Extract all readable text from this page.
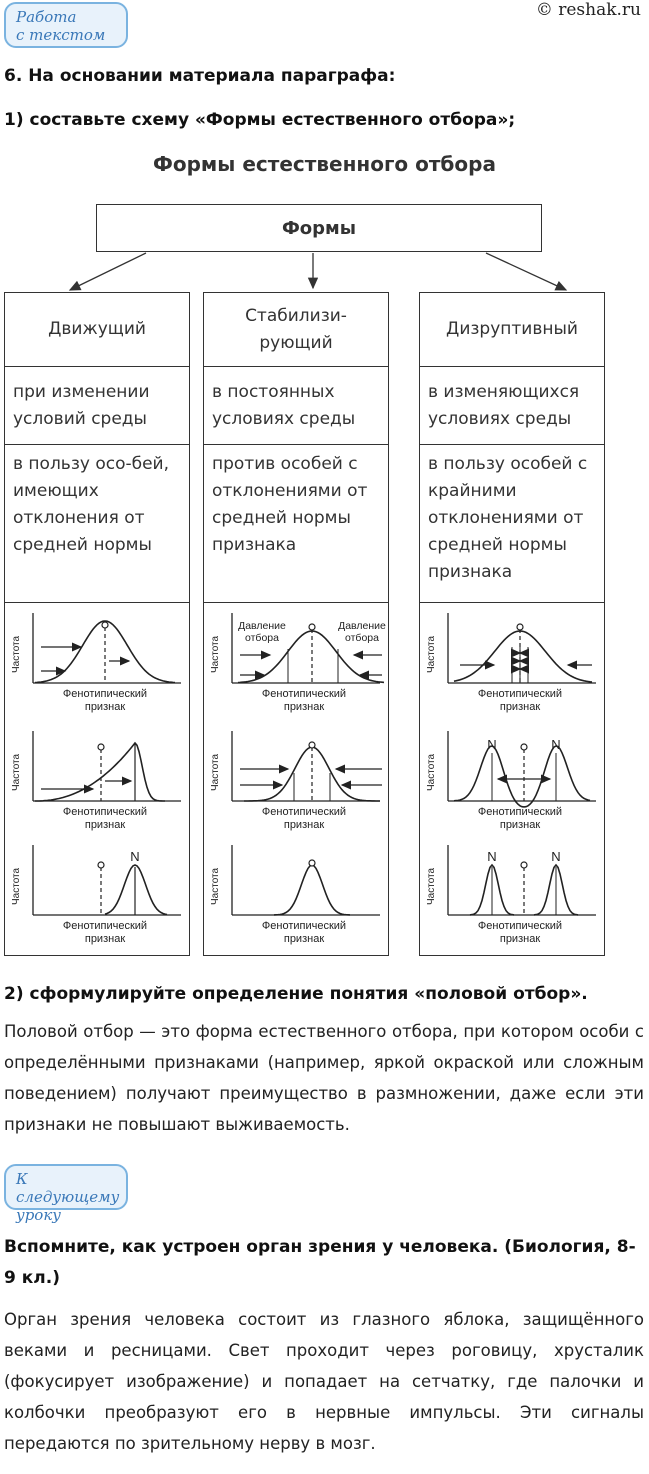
Работа
с текстом
© reshak.ru
6. На основании материала параграфа:
1) составьте схему «Формы естественного отбора»;
Формы естественного отбора
Формы
Движущий
при изменении условий среды
в пользу осо-бей, имеющих отклонения от средней нормы
Частота
Фенотипический
признак
Частота
Фенотипический
признак
Частота
Фенотипический
признак
N
Стабилизи-рующий
в постоянных условиях среды
против особей с отклонениями от средней нормы признака
Частота
Фенотипический
признак
Давление
отбора
Давление
отбора
Частота
Фенотипический
признак
Частота
Фенотипический
признак
Дизруптивный
в изменяющихся условиях среды
в пользу особей с крайними отклонениями от средней нормы признака
Частота
Фенотипический
признак
Частота
Фенотипический
признак
N	N
Частота
Фенотипический
признак
N	N
2) сформулируйте определение понятия «половой отбор».
Половой отбор — это форма естественного отбора, при котором особи с определёнными признаками (например, яркой окраской или сложным поведением) получают преимущество в размножении, даже если эти признаки не повышают выживаемость.
К следующему
уроку
Вспомните, как устроен орган зрения у человека. (Биология, 8-9 кл.)
Орган зрения человека состоит из глазного яблока, защищённого веками и ресницами. Свет проходит через роговицу, хрусталик (фокусирует изображение) и попадает на сетчатку, где палочки и колбочки преобразуют его в нервные импульсы. Эти сигналы передаются по зрительному нерву в мозг.
